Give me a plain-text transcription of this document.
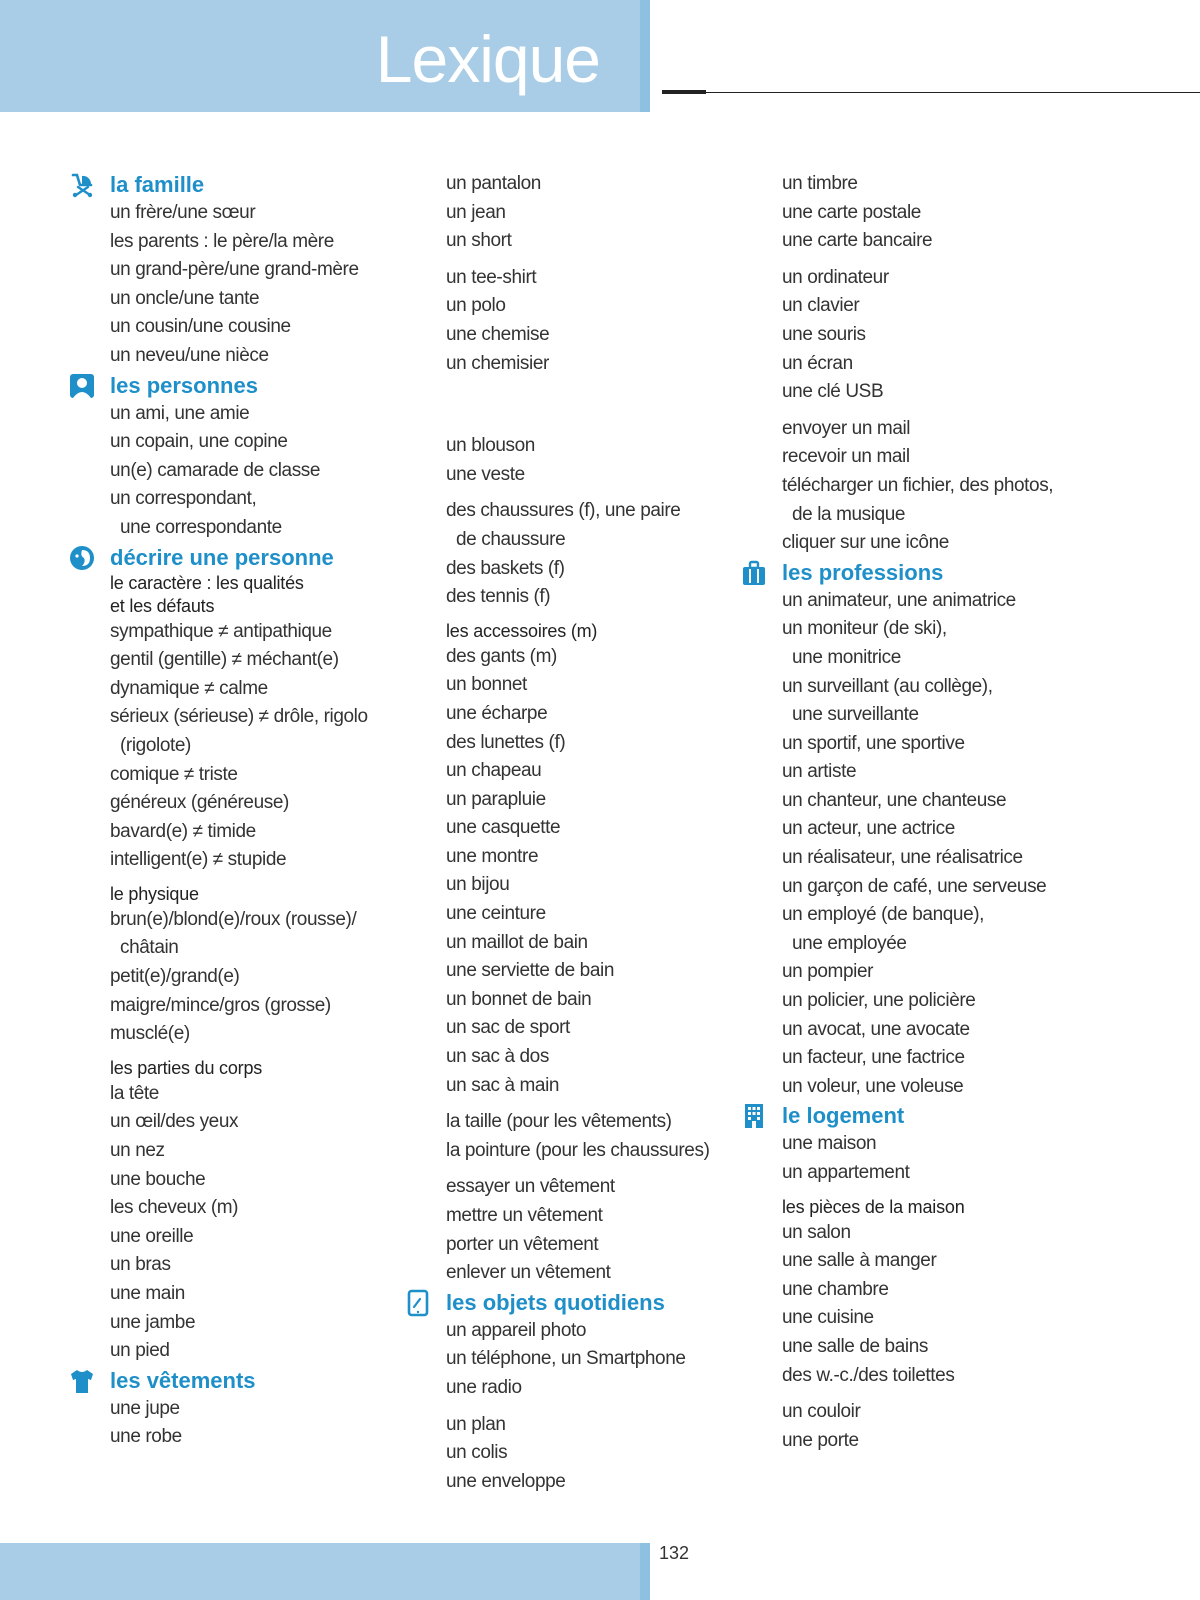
Lexique
la famille
un frère/une sœur
les parents : le père/la mère
un grand-père/une grand-mère
un oncle/une tante
un cousin/une cousine
un neveu/une nièce
les personnes
un ami, une amie
un copain, une copine
un(e) camarade de classe
un correspondant,
une correspondante
décrire une personne
le caractère : les qualités
et les défauts
sympathique ≠ antipathique
gentil (gentille) ≠ méchant(e)
dynamique ≠ calme
sérieux (sérieuse) ≠ drôle, rigolo
(rigolote)
comique ≠ triste
généreux (généreuse)
bavard(e) ≠ timide
intelligent(e) ≠ stupide
le physique
brun(e)/blond(e)/roux (rousse)/
châtain
petit(e)/grand(e)
maigre/mince/gros (grosse)
musclé(e)
les parties du corps
la tête
un œil/des yeux
un nez
une bouche
les cheveux (m)
une oreille
un bras
une main
une jambe
un pied
les vêtements
une jupe
une robe
un pantalon
un jean
un short
un tee-shirt
un polo
une chemise
un chemisier
un blouson
une veste
des chaussures (f), une paire
de chaussure
des baskets (f)
des tennis (f)
les accessoires (m)
des gants (m)
un bonnet
une écharpe
des lunettes (f)
un chapeau
un parapluie
une casquette
une montre
un bijou
une ceinture
un maillot de bain
une serviette de bain
un bonnet de bain
un sac de sport
un sac à dos
un sac à main
la taille (pour les vêtements)
la pointure (pour les chaussures)
essayer un vêtement
mettre un vêtement
porter un vêtement
enlever un vêtement
les objets quotidiens
un appareil photo
un téléphone, un Smartphone
une radio
un plan
un colis
une enveloppe
un timbre
une carte postale
une carte bancaire
un ordinateur
un clavier
une souris
un écran
une clé USB
envoyer un mail
recevoir un mail
télécharger un fichier, des photos,
de la musique
cliquer sur une icône
les professions
un animateur, une animatrice
un moniteur (de ski),
une monitrice
un surveillant (au collège),
une surveillante
un sportif, une sportive
un artiste
un chanteur, une chanteuse
un acteur, une actrice
un réalisateur, une réalisatrice
un garçon de café, une serveuse
un employé (de banque),
une employée
un pompier
un policier, une policière
un avocat, une avocate
un facteur, une factrice
un voleur, une voleuse
le logement
une maison
un appartement
les pièces de la maison
un salon
une salle à manger
une chambre
une cuisine
une salle de bains
des w.-c./des toilettes
un couloir
une porte
132
